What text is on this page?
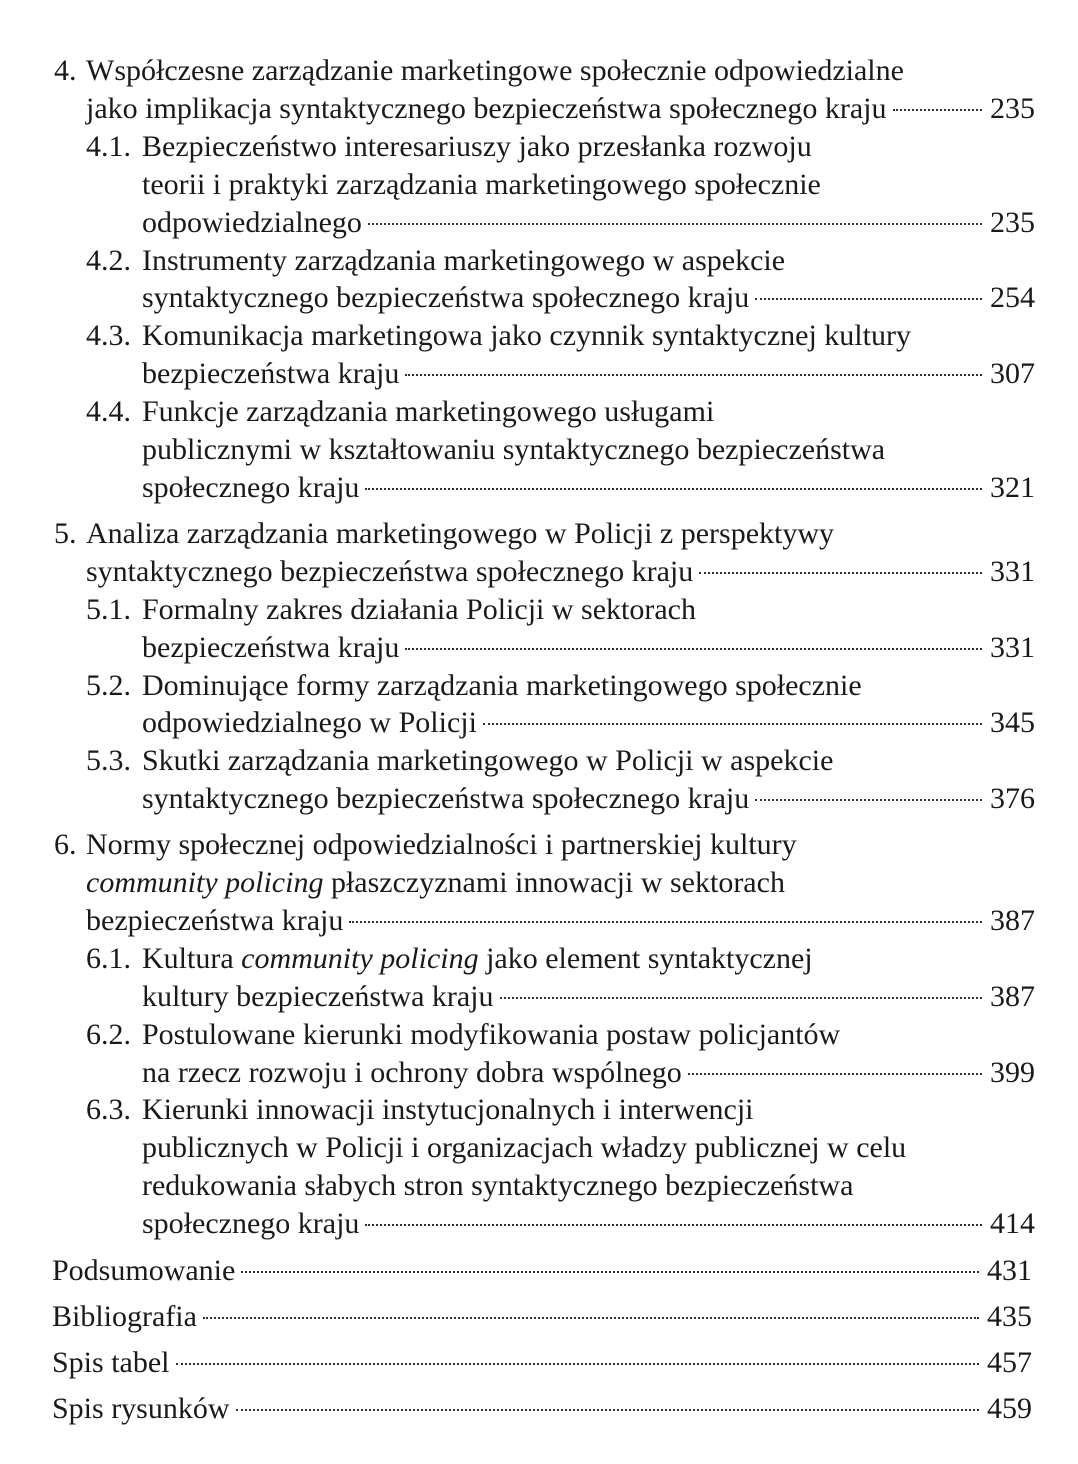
4. Współczesne zarządzanie marketingowe społecznie odpowiedzialne
jako implikacja syntaktycznego bezpieczeństwa społecznego kraju	235
4.1. Bezpieczeństwo interesariuszy jako przesłanka rozwoju
teorii i praktyki zarządzania marketingowego społecznie
odpowiedzialnego	235
4.2. Instrumenty zarządzania marketingowego w aspekcie
syntaktycznego bezpieczeństwa społecznego kraju	254
4.3. Komunikacja marketingowa jako czynnik syntaktycznej kultury
bezpieczeństwa kraju	307
4.4. Funkcje zarządzania marketingowego usługami
publicznymi w kształtowaniu syntaktycznego bezpieczeństwa
społecznego kraju	321
5. Analiza zarządzania marketingowego w Policji z perspektywy
syntaktycznego bezpieczeństwa społecznego kraju	331
5.1. Formalny zakres działania Policji w sektorach
bezpieczeństwa kraju	331
5.2. Dominujące formy zarządzania marketingowego społecznie
odpowiedzialnego w Policji	345
5.3. Skutki zarządzania marketingowego w Policji w aspekcie
syntaktycznego bezpieczeństwa społecznego kraju	376
6. Normy społecznej odpowiedzialności i partnerskiej kultury
community policing płaszczyznami innowacji w sektorach
bezpieczeństwa kraju	387
6.1. Kultura community policing jako element syntaktycznej
kultury bezpieczeństwa kraju	387
6.2. Postulowane kierunki modyfikowania postaw policjantów
na rzecz rozwoju i ochrony dobra wspólnego	399
6.3. Kierunki innowacji instytucjonalnych i interwencji
publicznych w Policji i organizacjach władzy publicznej w celu
redukowania słabych stron syntaktycznego bezpieczeństwa
społecznego kraju	414
Podsumowanie	431
Bibliografia	435
Spis tabel	457
Spis rysunków	459
